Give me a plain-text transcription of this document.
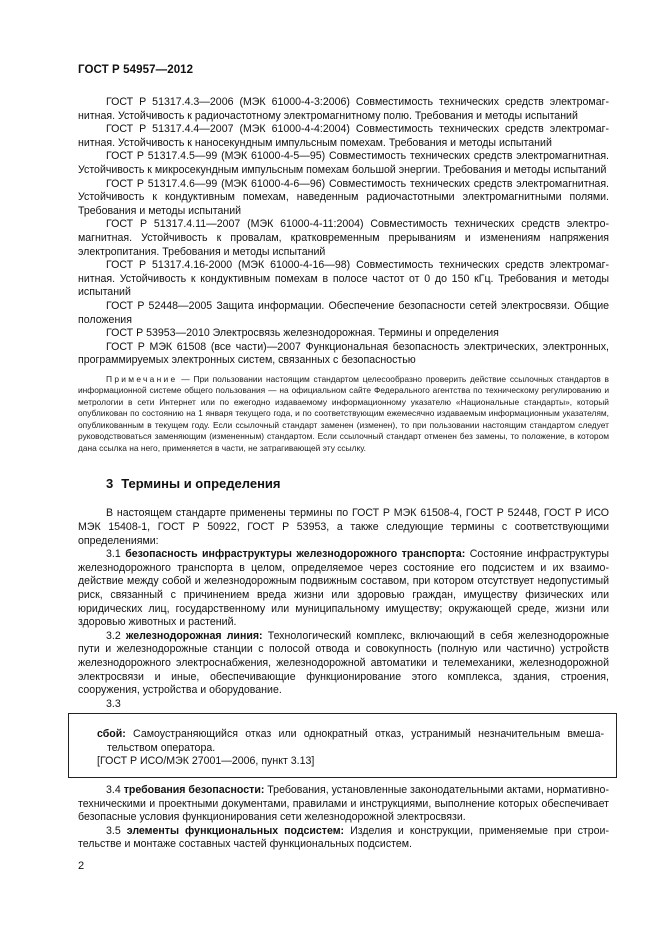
ГОСТ Р 54957—2012

ГОСТ Р 51317.4.3—2006 (МЭК 61000-4-3:2006) Совместимость технических средств электромагнитная. Устойчивость к радиочастотному электромагнитному полю. Требования и методы испытаний

ГОСТ Р 51317.4.4—2007 (МЭК 61000-4-4:2004) Совместимость технических средств электромагнитная. Устойчивость к наносекундным импульсным помехам. Требования и методы испытаний

ГОСТ Р 51317.4.5—99 (МЭК 61000-4-5—95) Совместимость технических средств электромагнитная. Устойчивость к микросекундным импульсным помехам большой энергии. Требования и методы испытаний

ГОСТ Р 51317.4.6—99 (МЭК 61000-4-6—96) Совместимость технических средств электромагнитная. Устойчивость к кондуктивным помехам, наведенным радиочастотными электромагнитными полями. Требования и методы испытаний

ГОСТ Р 51317.4.11—2007 (МЭК 61000-4-11:2004) Совместимость технических средств электромагнитная. Устойчивость к провалам, кратковременным прерываниям и изменениям напряжения электропитания. Требования и методы испытаний

ГОСТ Р 51317.4.16-2000 (МЭК 61000-4-16—98) Совместимость технических средств электромагнитная. Устойчивость к кондуктивным помехам в полосе частот от 0 до 150 кГц. Требования и методы испытаний

ГОСТ Р 52448—2005 Защита информации. Обеспечение безопасности сетей электросвязи. Общие положения

ГОСТ Р 53953—2010 Электросвязь железнодорожная. Термины и определения

ГОСТ Р МЭК 61508 (все части)—2007 Функциональная безопасность электрических, электронных, программируемых электронных систем, связанных с безопасностью

Примечание — При пользовании настоящим стандартом целесообразно проверить действие ссылочных стандартов в информационной системе общего пользования — на официальном сайте Федерального агентства по техническому регулированию и метрологии в сети Интернет или по ежегодно издаваемому информационному указателю «Национальные стандарты», который опубликован по состоянию на 1 января текущего года, и по соответствующим ежемесячно издаваемым информационным указателям, опубликованным в текущем году. Если ссылочный стандарт заменен (изменен), то при пользовании настоящим стандартом следует руководствоваться заменяющим (измененным) стандартом. Если ссылочный стандарт отменен без замены, то положение, в котором дана ссылка на него, применяется в части, не затрагивающей эту ссылку.
3 Термины и определения

В настоящем стандарте применены термины по ГОСТ Р МЭК 61508-4, ГОСТ Р 52448, ГОСТ Р ИСО МЭК 15408-1, ГОСТ Р 50922, ГОСТ Р 53953, а также следующие термины с соответствующими определениями:

3.1 безопасность инфраструктуры железнодорожного транспорта: Состояние инфраструктуры железнодорожного транспорта в целом, определяемое через состояние его подсистем и их взаимодействие между собой и железнодорожным подвижным составом, при котором отсутствует недопустимый риск, связанный с причинением вреда жизни или здоровью граждан, имуществу физических или юридических лиц, государственному или муниципальному имуществу; окружающей среде, жизни или здоровью животных и растений.

3.2 железнодорожная линия: Технологический комплекс, включающий в себя железнодорожные пути и железнодорожные станции с полосой отвода и совокупность (полную или частично) устройств железнодорожного электроснабжения, железнодорожной автоматики и телемеханики, железнодорожной электросвязи и иные, обеспечивающие функционирование этого комплекса, здания, строения, сооружения, устройства и оборудование.

3.3

сбой: Самоустраняющийся отказ или однократный отказ, устранимый незначительным вмешательством оператора.

[ГОСТ Р ИСО/МЭК 27001—2006, пункт 3.13]

3.4 требования безопасности: Требования, установленные законодательными актами, нормативно-техническими и проектными документами, правилами и инструкциями, выполнение которых обеспечивает безопасные условия функционирования сети железнодорожной электросвязи.

3.5 элементы функциональных подсистем: Изделия и конструкции, применяемые при строительстве и монтаже составных частей функциональных подсистем.

2
